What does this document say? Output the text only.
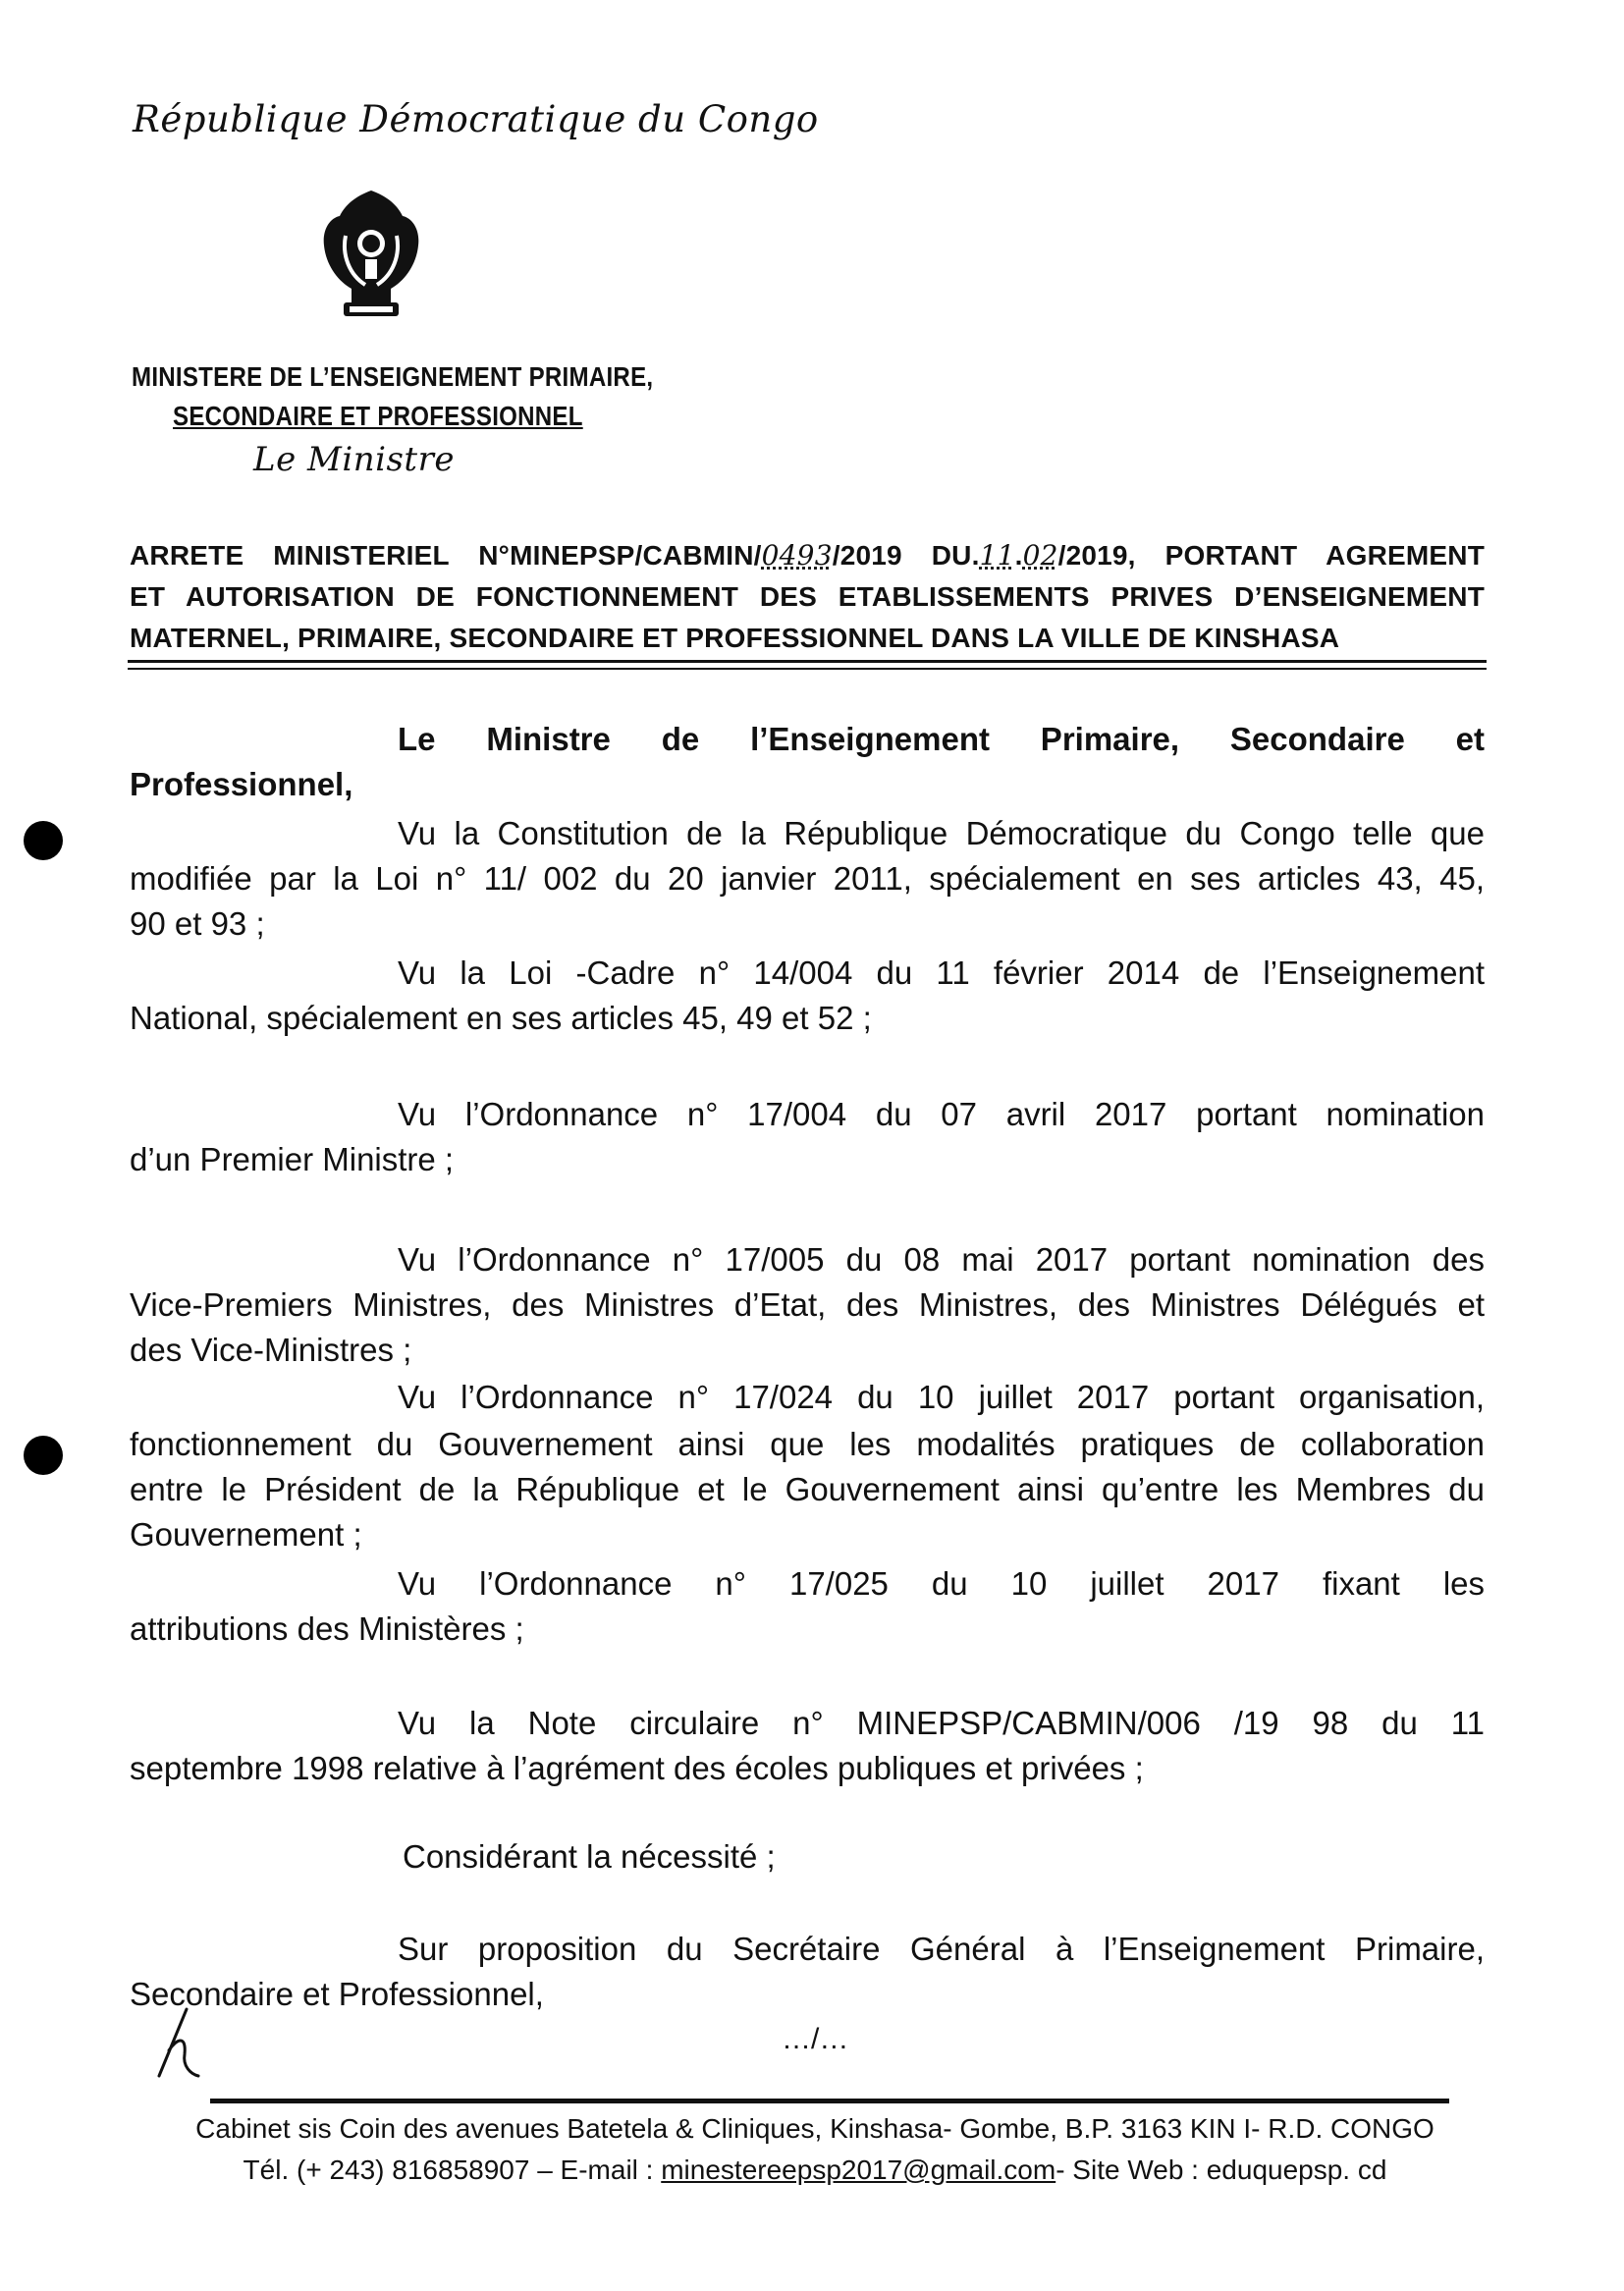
République Démocratique du Congo
MINISTERE DE L’ENSEIGNEMENT PRIMAIRE,
SECONDAIRE ET PROFESSIONNEL
Le Ministre
ARRETE MINISTERIEL N°MINEPSP/CABMIN/0493/2019 DU.11.02/2019, PORTANT AGREMENT
ET AUTORISATION DE FONCTIONNEMENT DES ETABLISSEMENTS PRIVES D’ENSEIGNEMENT
MATERNEL, PRIMAIRE, SECONDAIRE ET PROFESSIONNEL DANS LA VILLE DE KINSHASA
Le Ministre de l’Enseignement Primaire, Secondaire et
Professionnel,
Vu la Constitution de la République Démocratique du Congo telle que
modifiée par la Loi n° 11/ 002 du 20 janvier 2011, spécialement en ses articles 43, 45,
90 et 93 ;
Vu la Loi -Cadre n° 14/004 du 11 février 2014 de l’Enseignement
National, spécialement en ses articles 45, 49 et 52 ;
Vu l’Ordonnance n° 17/004 du 07 avril 2017 portant nomination
d’un Premier Ministre ;
Vu l’Ordonnance n° 17/005 du 08 mai 2017 portant nomination des
Vice-Premiers Ministres, des Ministres d’Etat, des Ministres, des Ministres Délégués et
des Vice-Ministres ;
Vu l’Ordonnance n° 17/024 du 10 juillet 2017 portant organisation,
fonctionnement du Gouvernement ainsi que les modalités pratiques de collaboration
entre le Président de la République et le Gouvernement ainsi qu’entre les Membres du
Gouvernement ;
Vu l’Ordonnance n° 17/025 du 10 juillet 2017 fixant les
attributions des Ministères ;
Vu la Note circulaire n° MINEPSP/CABMIN/006 /19 98 du 11
septembre 1998 relative à l’agrément des écoles publiques et privées ;
Considérant la nécessité ;
Sur proposition du Secrétaire Général à l’Enseignement Primaire,
Secondaire et Professionnel,
…/…
Cabinet sis Coin des avenues Batetela & Cliniques, Kinshasa- Gombe, B.P. 3163 KIN I- R.D. CONGO
Tél. (+ 243) 816858907 – E-mail : minestereepsp2017@gmail.com- Site Web : eduquepsp. cd
